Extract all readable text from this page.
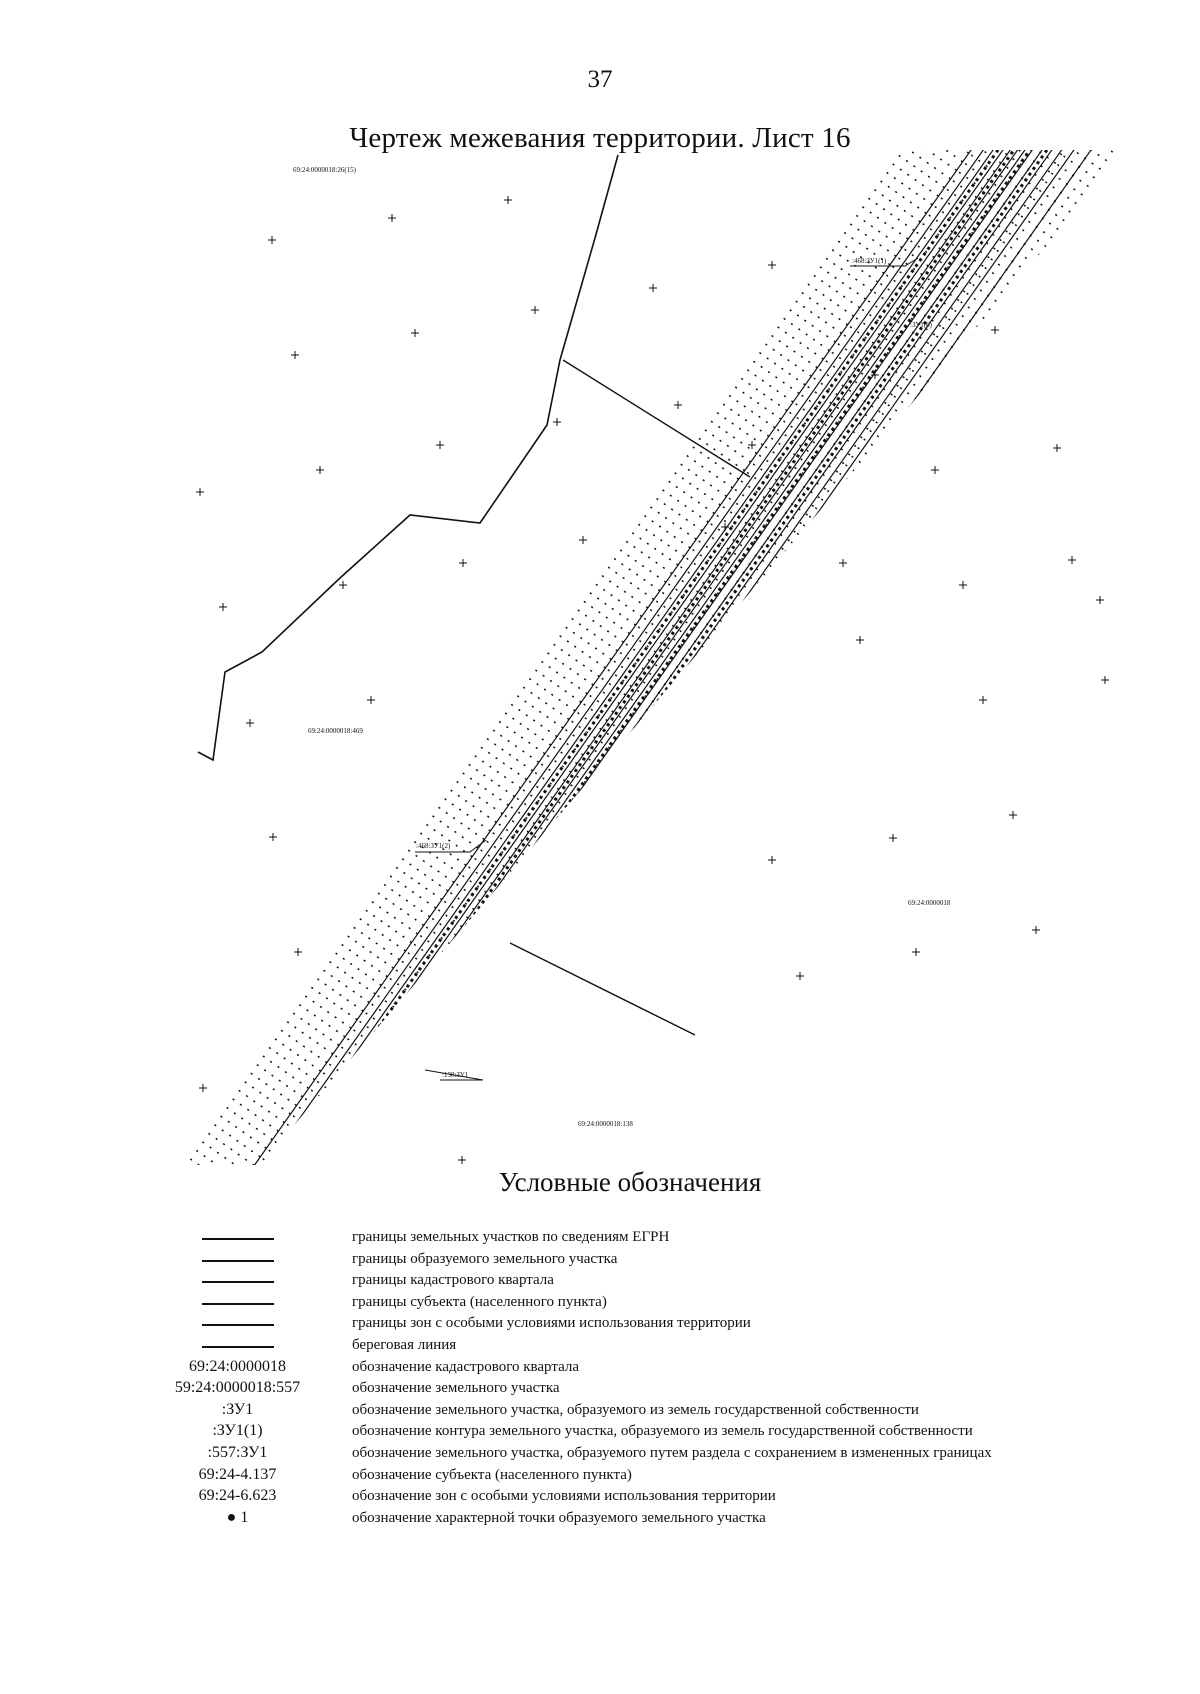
37
Чертеж межевания территории. Лист 16
69:24:0000018:26(15)
69:24:0000018:469
69:24:0000018
69:24:0000018:138
:468:ЗУ1(1)
:468:ЗУ1(2)
:ЗУ1(6)
:138:ЗУ1
Условные обозначения
границы земельных участков по сведениям ЕГРН
границы образуемого земельного участка
границы кадастрового квартала
границы субъекта (населенного пункта)
границы зон с особыми условиями использования территории
береговая линия
69:24:0000018	обозначение кадастрового квартала
59:24:0000018:557	обозначение земельного участка
:ЗУ1	обозначение земельного участка, образуемого из земель государственной собственности
:ЗУ1(1)	обозначение контура земельного участка, образуемого из земель государственной собственности
:557:ЗУ1	обозначение земельного участка, образуемого путем раздела с сохранением в измененных границах
69:24-4.137	обозначение субъекта (населенного пункта)
69:24-6.623	обозначение зон с особыми условиями использования территории
● 1	обозначение характерной точки образуемого земельного участка
